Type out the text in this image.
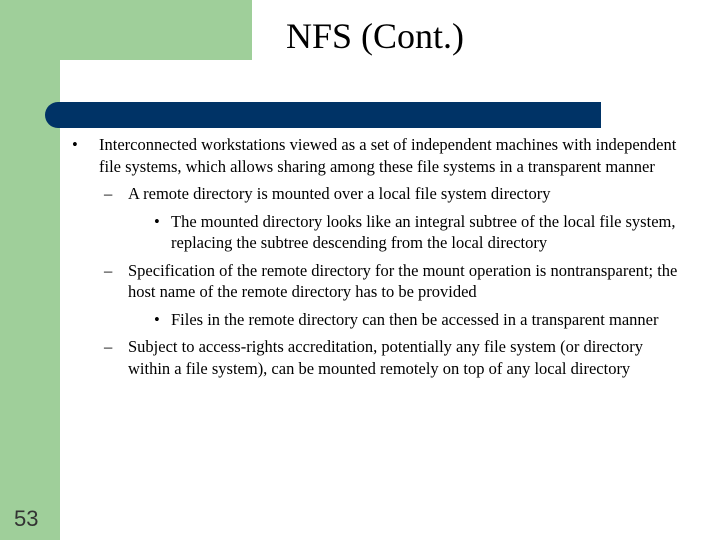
NFS (Cont.)
• Interconnected workstations viewed as a set of independent machines with independent file systems, which allows sharing among these file systems in a transparent manner
– A remote directory is mounted over a local file system directory
• The mounted directory looks like an integral subtree of the local file system, replacing the subtree descending from the local directory
– Specification of the remote directory for the mount operation is nontransparent; the host name of the remote directory has to be provided
• Files in the remote directory can then be accessed in a transparent manner
– Subject to access-rights accreditation, potentially any file system (or directory within a file system), can be mounted remotely on top of any local directory
53
